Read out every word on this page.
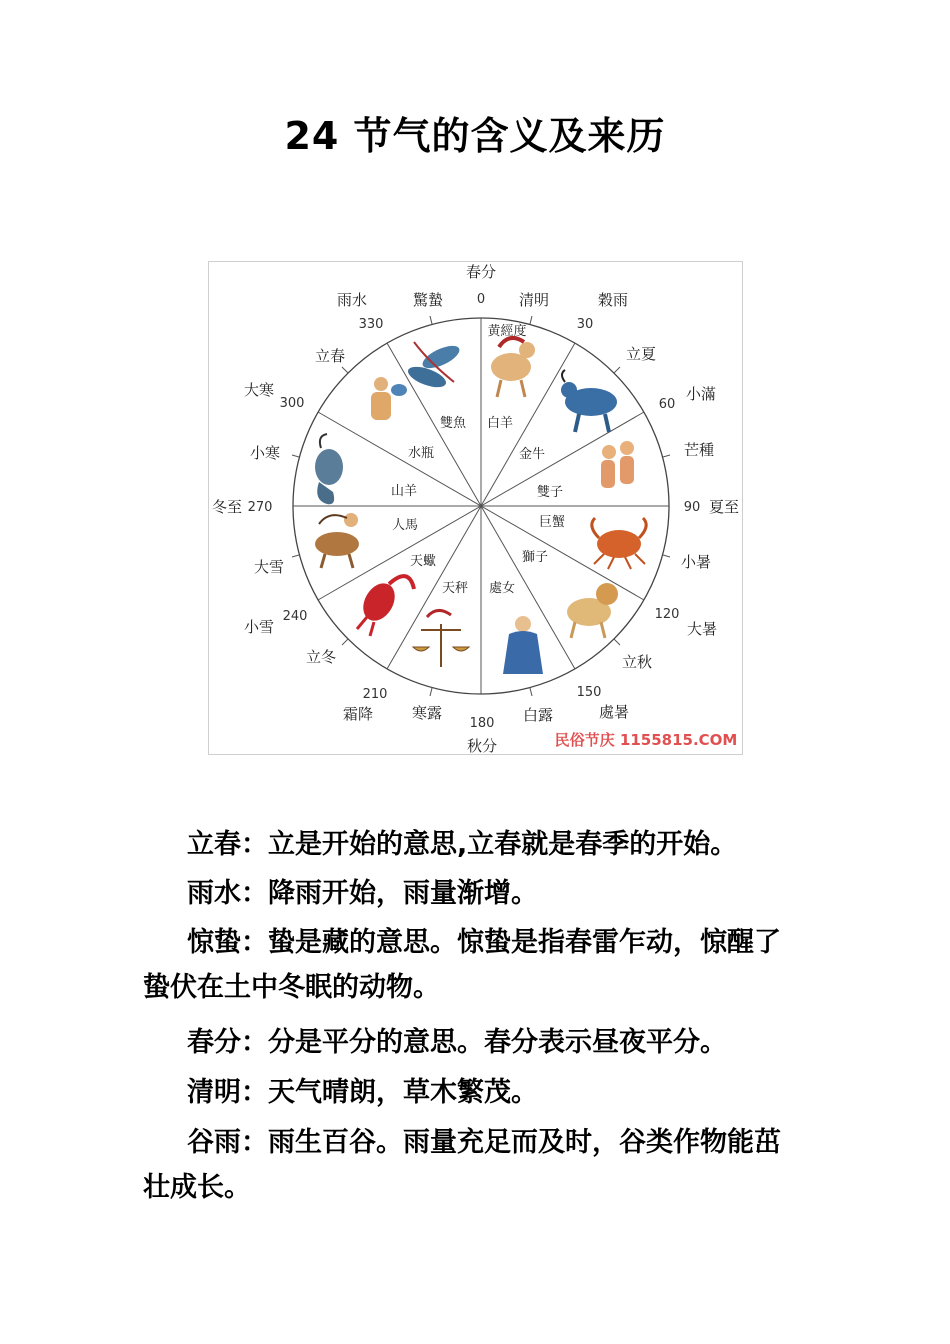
24 节气的含义及来历
春分
清明	穀雨
立夏
小滿
芒種
夏至
小暑
大暑
立秋
處暑
白露
秋分
寒露
霜降
立冬
小雪
大雪
冬至
小寒
大寒
立春
雨水	驚蟄	0
30
60
90
120
150
180
210
240
270
300
330
白羊
金牛
雙子
巨蟹
獅子
處女
天秤
天蠍
人馬
山羊
水瓶
雙魚
黄經度
民俗节庆 1155815.COM

立春：立是开始的意思,立春就是春季的开始。

雨水：降雨开始，雨量渐增。

惊蛰：蛰是藏的意思。惊蛰是指春雷乍动，惊醒了
蛰伏在土中冬眠的动物。

春分：分是平分的意思。春分表示昼夜平分。

清明：天气晴朗，草木繁茂。

谷雨：雨生百谷。雨量充足而及时，谷类作物能茁
壮成长。
